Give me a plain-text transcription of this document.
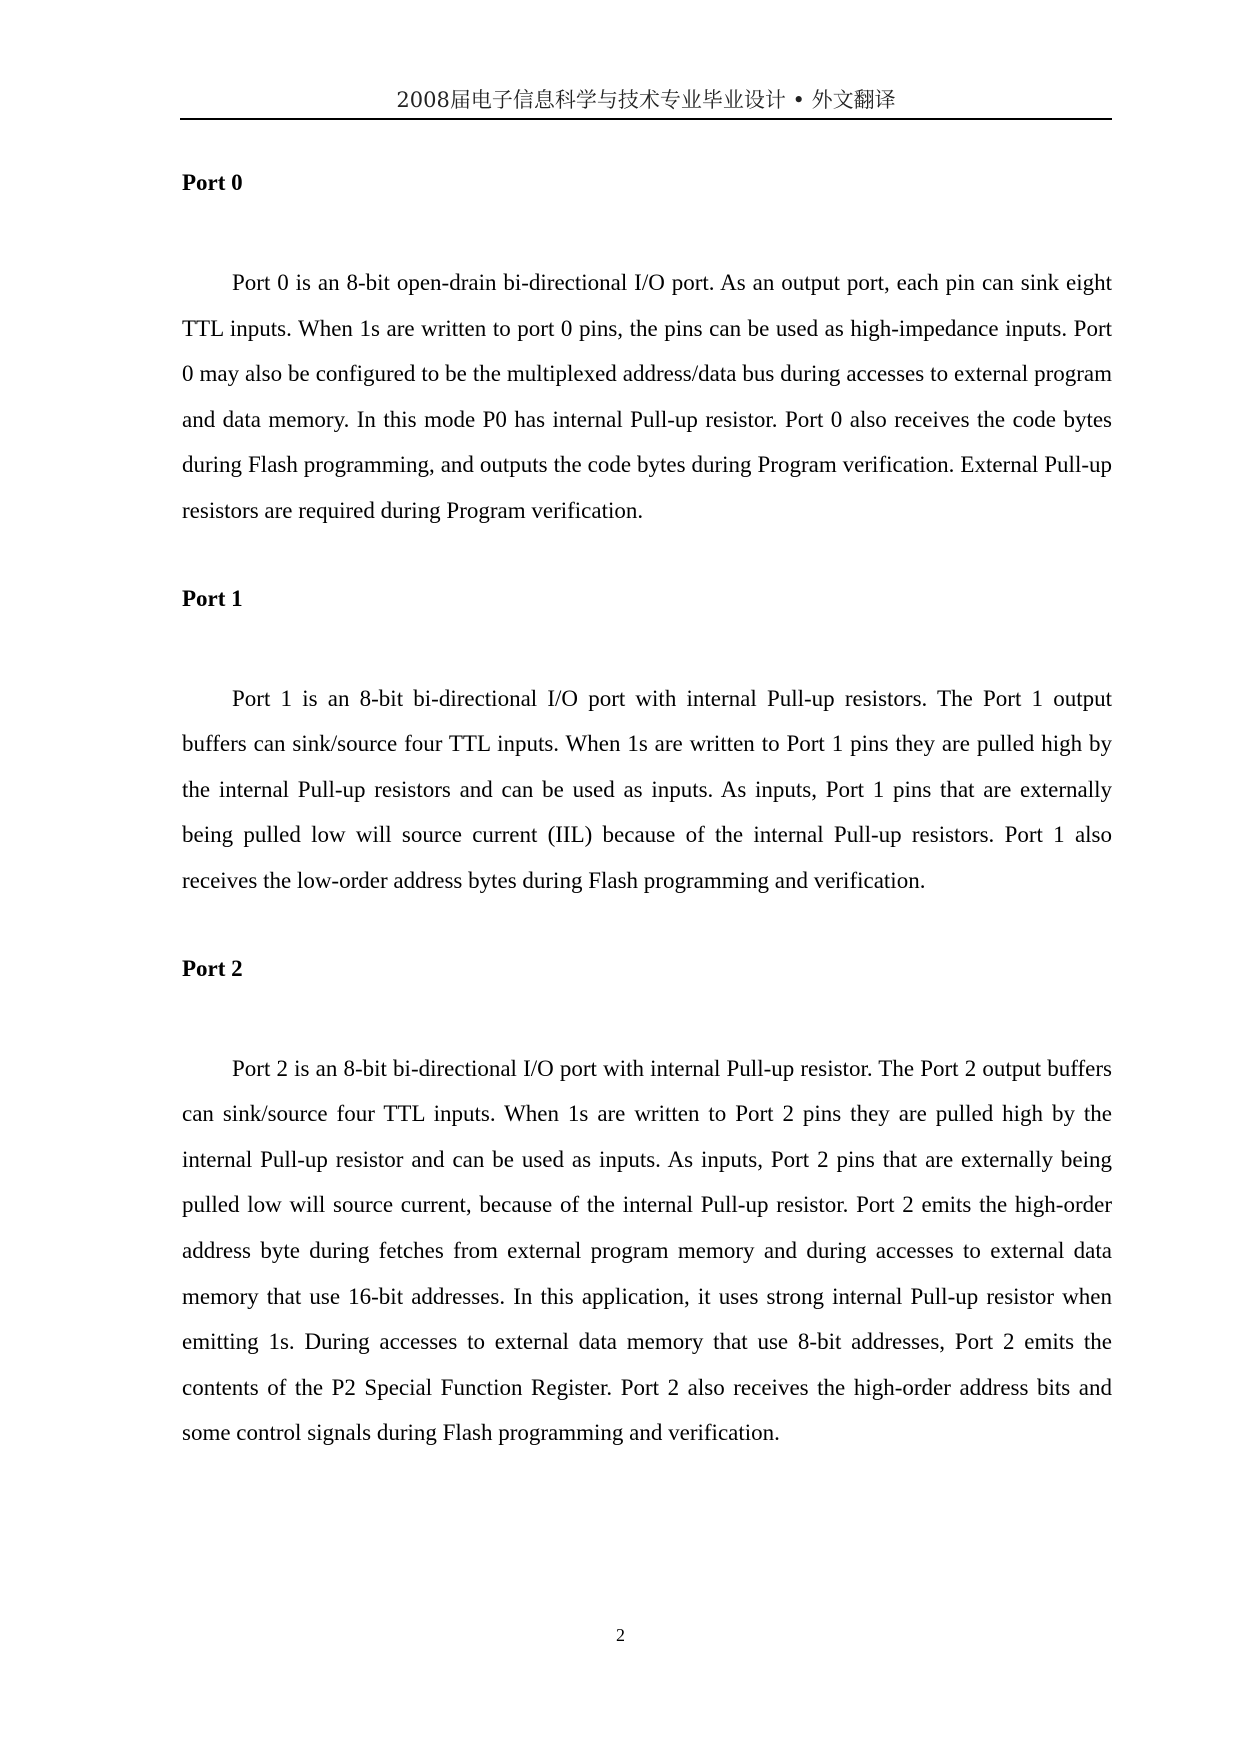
2008届电子信息科学与技术专业毕业设计 • 外文翻译
Port 0

Port 0 is an 8-bit open-drain bi-directional I/O port. As an output port, each pin can sink eight TTL inputs. When 1s are written to port 0 pins, the pins can be used as high-impedance inputs. Port 0 may also be configured to be the multiplexed address/data bus during accesses to external program and data memory. In this mode P0 has internal Pull-up resistor. Port 0 also receives the code bytes during Flash programming, and outputs the code bytes during Program verification. External Pull-up resistors are required during Program verification.

Port 1

Port 1 is an 8-bit bi-directional I/O port with internal Pull-up resistors. The Port 1 output buffers can sink/source four TTL inputs. When 1s are written to Port 1 pins they are pulled high by the internal Pull-up resistors and can be used as inputs. As inputs, Port 1 pins that are externally being pulled low will source current (IIL) because of the internal Pull-up resistors. Port 1 also receives the low-order address bytes during Flash programming and verification.

Port 2

Port 2 is an 8-bit bi-directional I/O port with internal Pull-up resistor. The Port 2 output buffers can sink/source four TTL inputs. When 1s are written to Port 2 pins they are pulled high by the internal Pull-up resistor and can be used as inputs. As inputs, Port 2 pins that are externally being pulled low will source current, because of the internal Pull-up resistor. Port 2 emits the high-order address byte during fetches from external program memory and during accesses to external data memory that use 16-bit addresses. In this application, it uses strong internal Pull-up resistor when emitting 1s. During accesses to external data memory that use 8-bit addresses, Port 2 emits the contents of the P2 Special Function Register. Port 2 also receives the high-order address bits and some control signals during Flash programming and verification.

2
